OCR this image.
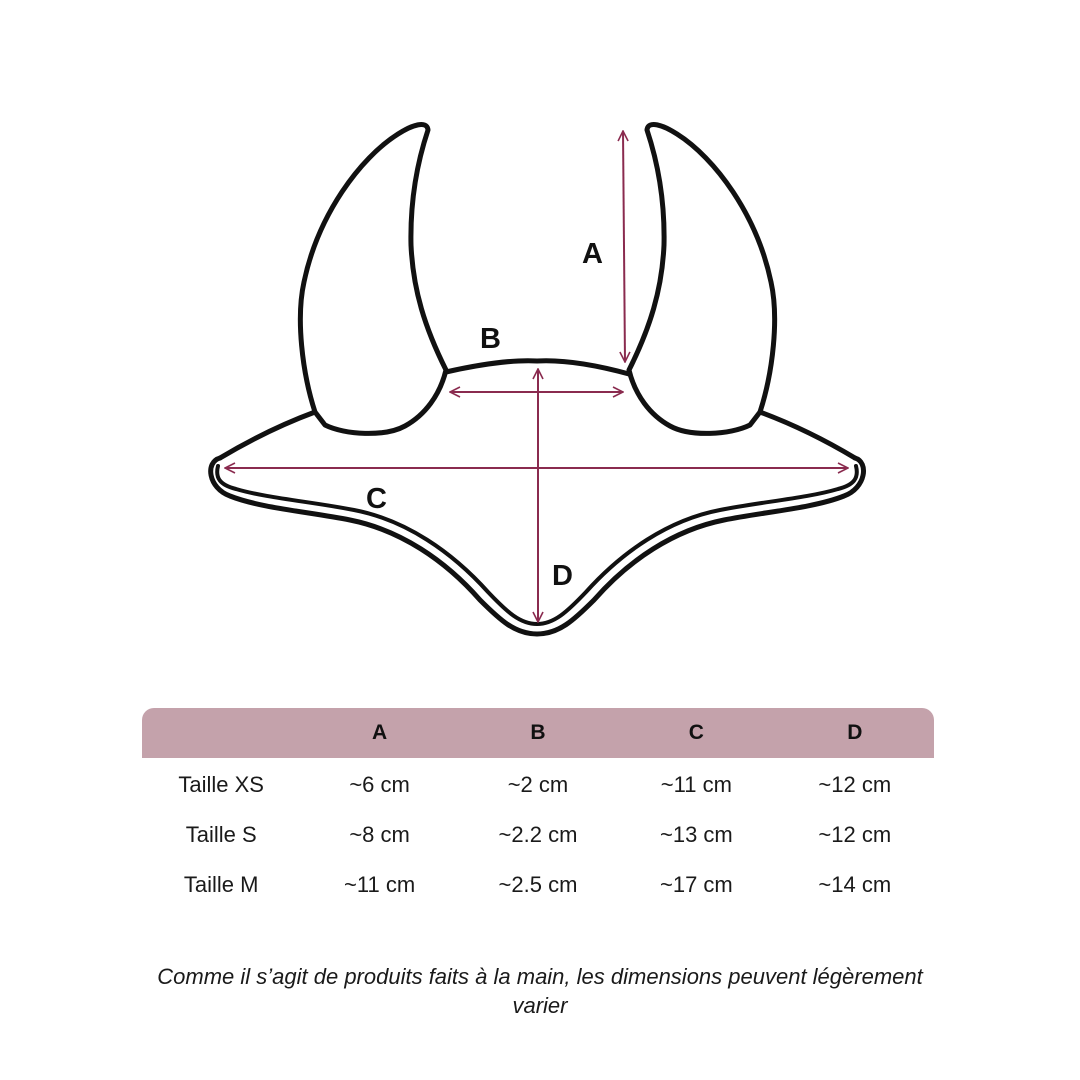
A
B
C
D
	A	B	C	D
Taille XS	~6 cm	~2 cm	~11 cm	~12 cm
Taille S	~8 cm	~2.2 cm	~13 cm	~12 cm
Taille M	~11 cm	~2.5 cm	~17 cm	~14 cm

Comme il s’agit de produits faits à la main, les dimensions peuvent légèrement varier
